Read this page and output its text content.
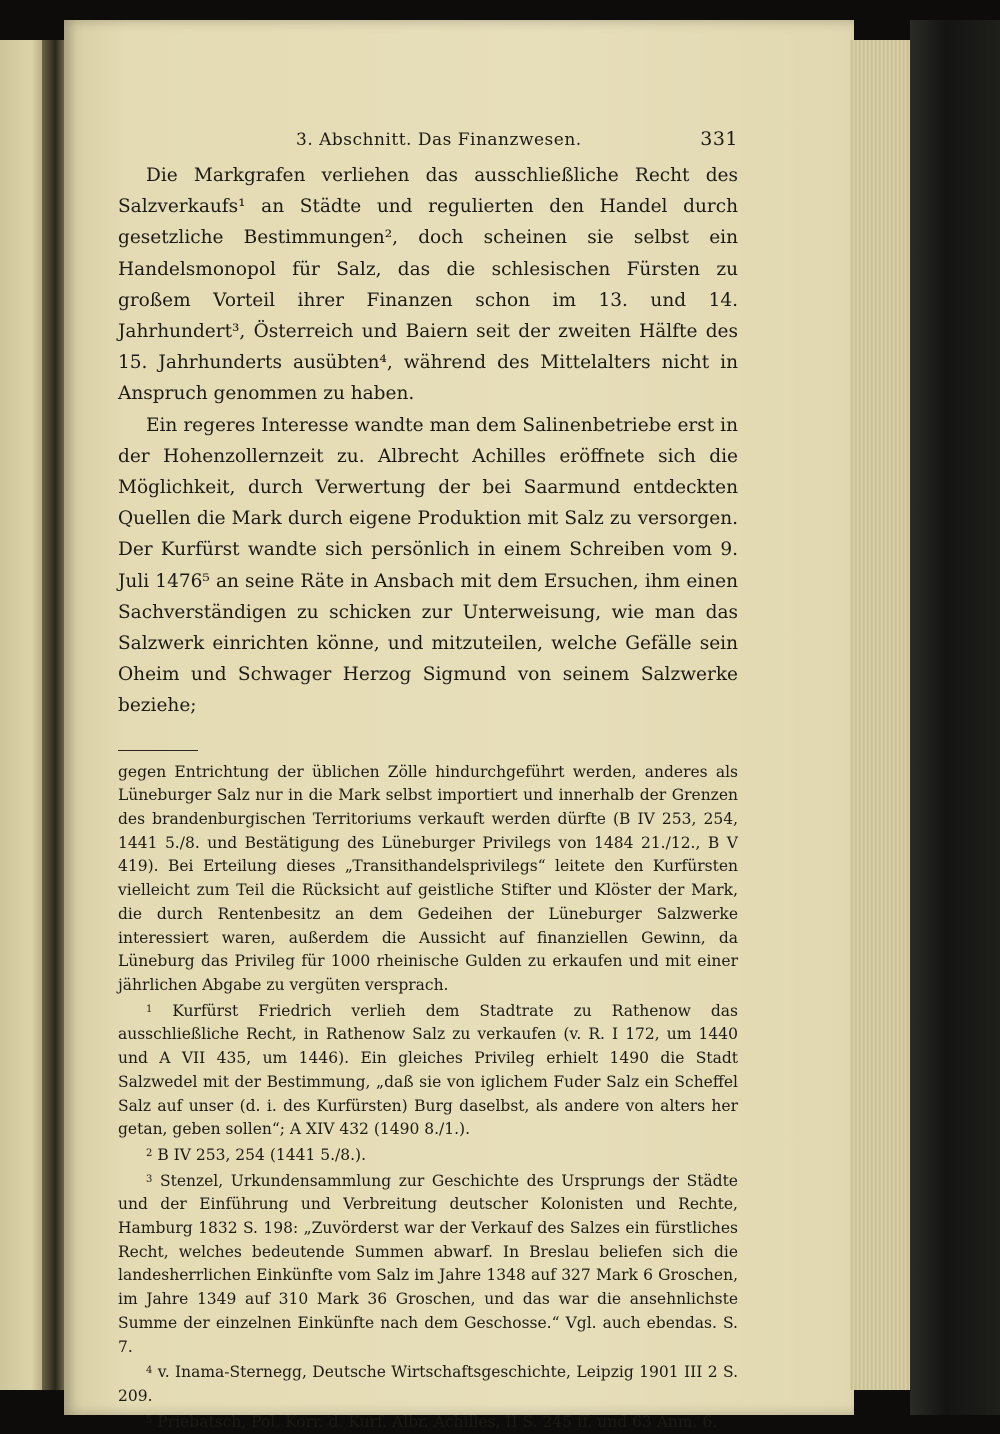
3. Abschnitt. Das Finanzwesen.	331

Die Markgrafen verliehen das ausschließliche Recht des Salzverkaufs¹ an Städte und regulierten den Handel durch gesetzliche Bestimmungen², doch scheinen sie selbst ein Handelsmonopol für Salz, das die schlesischen Fürsten zu großem Vorteil ihrer Finanzen schon im 13. und 14. Jahrhundert³, Österreich und Baiern seit der zweiten Hälfte des 15. Jahrhunderts ausübten⁴, während des Mittelalters nicht in Anspruch genommen zu haben.

Ein regeres Interesse wandte man dem Salinenbetriebe erst in der Hohenzollernzeit zu. Albrecht Achilles eröffnete sich die Möglichkeit, durch Verwertung der bei Saarmund entdeckten Quellen die Mark durch eigene Produktion mit Salz zu versorgen. Der Kurfürst wandte sich persönlich in einem Schreiben vom 9. Juli 1476⁵ an seine Räte in Ansbach mit dem Ersuchen, ihm einen Sachverständigen zu schicken zur Unterweisung, wie man das Salzwerk einrichten könne, und mitzuteilen, welche Gefälle sein Oheim und Schwager Herzog Sigmund von seinem Salzwerke beziehe;

gegen Entrichtung der üblichen Zölle hindurchgeführt werden, anderes als Lüneburger Salz nur in die Mark selbst importiert und innerhalb der Grenzen des brandenburgischen Territoriums verkauft werden dürfte (B IV 253, 254, 1441 5./8. und Bestätigung des Lüneburger Privilegs von 1484 21./12., B V 419). Bei Erteilung dieses „Transithandelsprivilegs“ leitete den Kurfürsten vielleicht zum Teil die Rücksicht auf geistliche Stifter und Klöster der Mark, die durch Rentenbesitz an dem Gedeihen der Lüneburger Salzwerke interessiert waren, außerdem die Aussicht auf finanziellen Gewinn, da Lüneburg das Privileg für 1000 rheinische Gulden zu erkaufen und mit einer jährlichen Abgabe zu vergüten versprach.

$^1$ Kurfürst Friedrich verlieh dem Stadtrate zu Rathenow das ausschließliche Recht, in Rathenow Salz zu verkaufen (v. R. I 172, um 1440 und A VII 435, um 1446). Ein gleiches Privileg erhielt 1490 die Stadt Salzwedel mit der Bestimmung, „daß sie von iglichem Fuder Salz ein Scheffel Salz auf unser (d. i. des Kurfürsten) Burg daselbst, als andere von alters her getan, geben sollen“; A XIV 432 (1490 8./1.).

$^2$ B IV 253, 254 (1441 5./8.).

$^3$ Stenzel, Urkundensammlung zur Geschichte des Ursprungs der Städte und der Einführung und Verbreitung deutscher Kolonisten und Rechte, Hamburg 1832 S. 198: „Zuvörderst war der Verkauf des Salzes ein fürstliches Recht, welches bedeutende Summen abwarf. In Breslau beliefen sich die landesherrlichen Einkünfte vom Salz im Jahre 1348 auf 327 Mark 6 Groschen, im Jahre 1349 auf 310 Mark 36 Groschen, und das war die ansehnlichste Summe der einzelnen Einkünfte nach dem Geschosse.“ Vgl. auch ebendas. S. 7.

$^4$ v. Inama-Sternegg, Deutsche Wirtschaftsgeschichte, Leipzig 1901 III 2 S. 209.

$^5$ Priebatsch, Pol. Korr. d. Kurf. Albr. Achilles, II S. 245 ff. und 63 Anm. 6.
